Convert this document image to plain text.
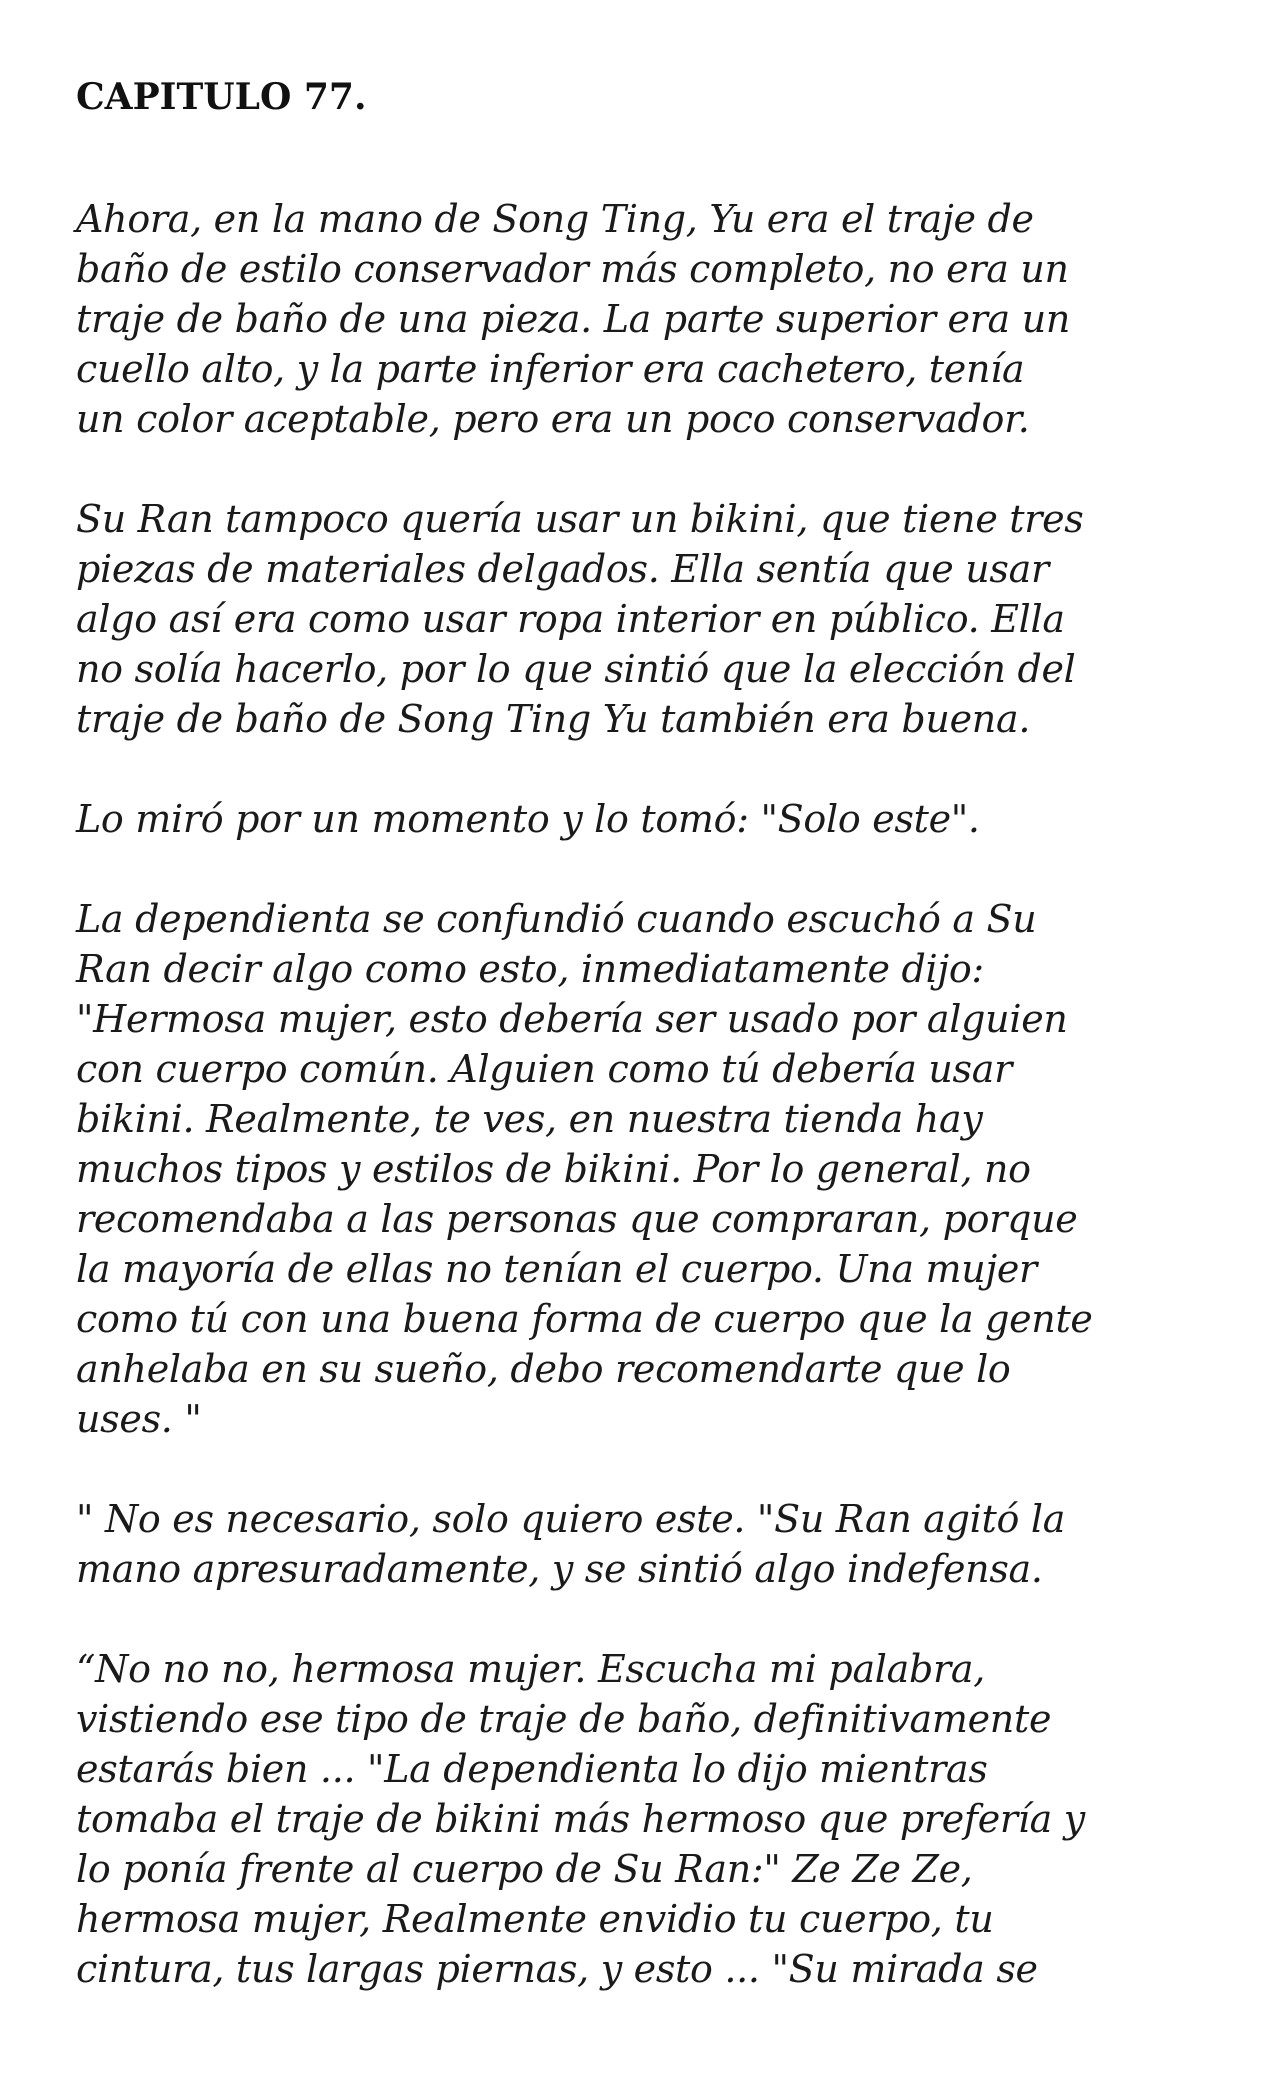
CAPITULO 77.

Ahora, en la mano de Song Ting, Yu era el traje de
baño de estilo conservador más completo, no era un
traje de baño de una pieza. La parte superior era un
cuello alto, y la parte inferior era cachetero, tenía
un color aceptable, pero era un poco conservador.

Su Ran tampoco quería usar un bikini, que tiene tres
piezas de materiales delgados. Ella sentía que usar
algo así era como usar ropa interior en público. Ella
no solía hacerlo, por lo que sintió que la elección del
traje de baño de Song Ting Yu también era buena.

Lo miró por un momento y lo tomó: "Solo este".

La dependienta se confundió cuando escuchó a Su
Ran decir algo como esto, inmediatamente dijo:
"Hermosa mujer, esto debería ser usado por alguien
con cuerpo común. Alguien como tú debería usar
bikini. Realmente, te ves, en nuestra tienda hay
muchos tipos y estilos de bikini. Por lo general, no
recomendaba a las personas que compraran, porque
la mayoría de ellas no tenían el cuerpo. Una mujer
como tú con una buena forma de cuerpo que la gente
anhelaba en su sueño, debo recomendarte que lo
uses. "

" No es necesario, solo quiero este. "Su Ran agitó la
mano apresuradamente, y se sintió algo indefensa.

“No no no, hermosa mujer. Escucha mi palabra,
vistiendo ese tipo de traje de baño, definitivamente
estarás bien ... "La dependienta lo dijo mientras
tomaba el traje de bikini más hermoso que prefería y
lo ponía frente al cuerpo de Su Ran:" Ze Ze Ze,
hermosa mujer, Realmente envidio tu cuerpo, tu
cintura, tus largas piernas, y esto ... "Su mirada se
